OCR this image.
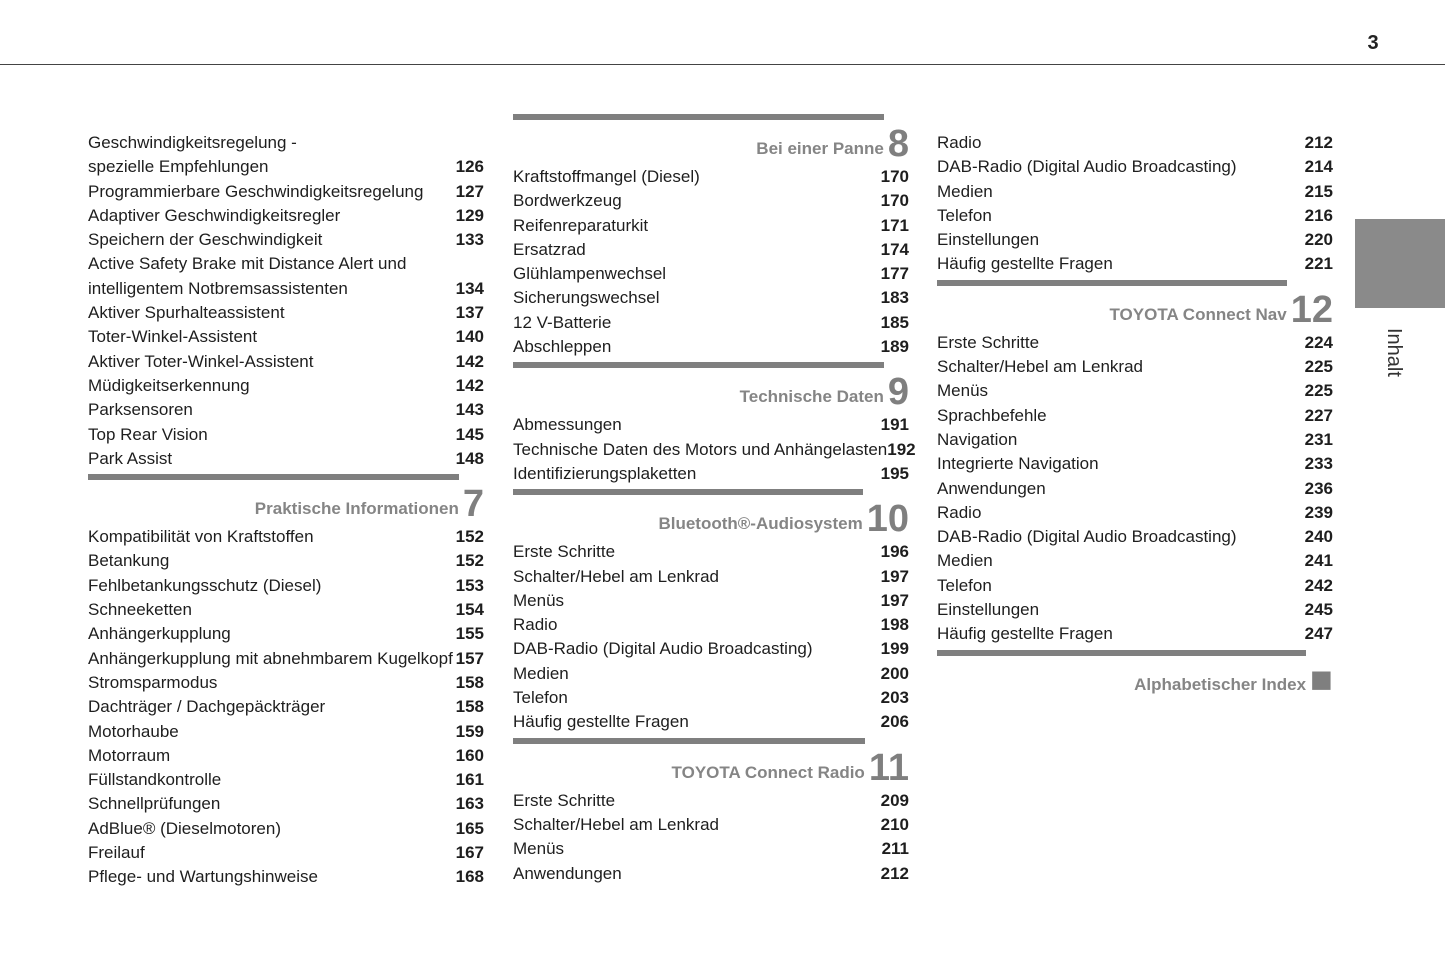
3
Inhalt
Geschwindigkeitsregelung -
spezielle Empfehlungen	126
Programmierbare Geschwindigkeitsregelung 127
Adaptiver Geschwindigkeitsregler	129
Speichern der Geschwindigkeit	133
Active Safety Brake mit Distance Alert und
intelligentem Notbremsassistenten	134
Aktiver Spurhalteassistent	137
Toter-Winkel-Assistent	140
Aktiver Toter-Winkel-Assistent	142
Müdigkeitserkennung	142
Parksensoren	143
Top Rear Vision	145
Park Assist	148
Praktische Informationen 7
Kompatibilität von Kraftstoffen	152
Betankung	152
Fehlbetankungsschutz (Diesel)	153
Schneeketten	154
Anhängerkupplung	155
Anhängerkupplung mit abnehmbarem Kugelkopf 157
Stromsparmodus	158
Dachträger / Dachgepäckträger	158
Motorhaube	159
Motorraum	160
Füllstandkontrolle	161
Schnellprüfungen	163
AdBlue® (Dieselmotoren)	165
Freilauf	167
Pflege- und Wartungshinweise	168
Bei einer Panne 8
Kraftstoffmangel (Diesel)	170
Bordwerkzeug	170
Reifenreparaturkit	171
Ersatzrad	174
Glühlampenwechsel	177
Sicherungswechsel	183
12 V-Batterie	185
Abschleppen	189
Technische Daten 9
Abmessungen	191
Technische Daten des Motors und Anhängelasten 192
Identifizierungsplaketten	195
Bluetooth®-Audiosystem 10
Erste Schritte	196
Schalter/Hebel am Lenkrad	197
Menüs	197
Radio	198
DAB-Radio (Digital Audio Broadcasting)	199
Medien	200
Telefon	203
Häufig gestellte Fragen	206
TOYOTA Connect Radio 11
Erste Schritte	209
Schalter/Hebel am Lenkrad	210
Menüs	211
Anwendungen	212
Radio	212
DAB-Radio (Digital Audio Broadcasting)	214
Medien	215
Telefon	216
Einstellungen	220
Häufig gestellte Fragen	221
TOYOTA Connect Nav 12
Erste Schritte	224
Schalter/Hebel am Lenkrad	225
Menüs	225
Sprachbefehle	227
Navigation	231
Integrierte Navigation	233
Anwendungen	236
Radio	239
DAB-Radio (Digital Audio Broadcasting)	240
Medien	241
Telefon	242
Einstellungen	245
Häufig gestellte Fragen	247
Alphabetischer Index ■
